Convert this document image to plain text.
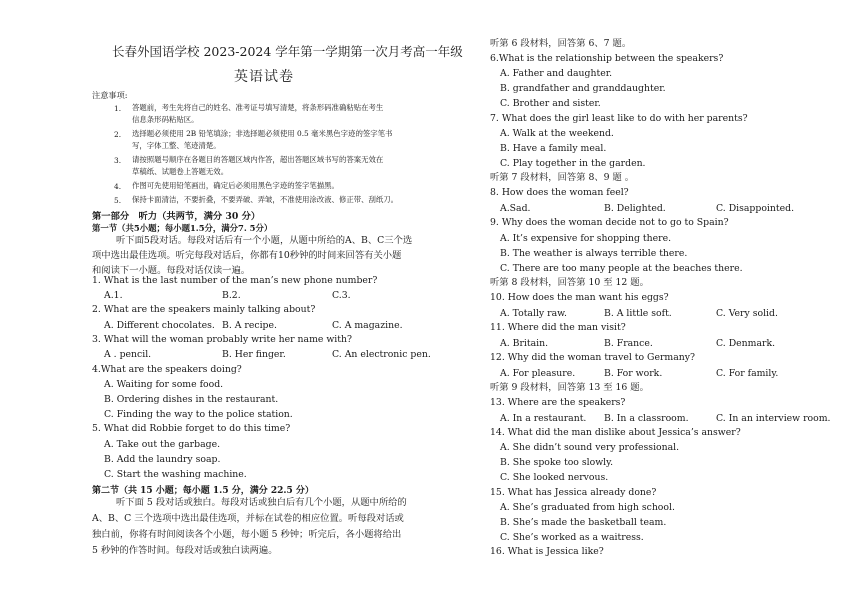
长春外国语学校 2023-2024 学年第一学期第一次月考高一年级
英语试卷
注意事项:
1. 答题前，考生先将自己的姓名、准考证号填写清楚，将条形码准确粘贴在考生
信息条形码粘贴区。
2. 选择题必须使用 2B 铅笔填涂；非选择题必须使用 0.5 毫米黑色字迹的签字笔书
写，字体工整、笔迹清楚。
3. 请按照题号顺序在各题目的答题区域内作答，超出答题区域书写的答案无效在
草稿纸、试题卷上答题无效。
4. 作图可先使用铅笔画出，确定后必须用黑色字迹的签字笔描黑。
5. 保持卡面清洁，不要折叠，不要弄破、弄皱，不准使用涂改液、修正带、刮纸刀。
第一部分　听力（共两节，满分 30 分）
第一节（共5小题；每小题1.5分，满分7. 5分）
听下面5段对话。每段对话后有一个小题，从题中所给的A、B、C三个选
项中选出最佳选项。听完每段对话后，你都有10秒钟的时间来回答有关小题
和阅读下一小题。每段对话仅读一遍。
1. What is the last number of the man’s new phone number?
A.1.	B.2.	C.3.
2. What are the speakers mainly talking about?
A. Different chocolates. B. A recipe.	C. A magazine.
3. What will the woman probably write her name with?
A . pencil.	B. Her finger.	C. An electronic pen.
4.What are the speakers doing?
A. Waiting for some food.
B. Ordering dishes in the restaurant.
C. Finding the way to the police station.
5. What did Robbie forget to do this time?
A. Take out the garbage.
B. Add the laundry soap.
C. Start the washing machine.
第二节（共 15 小题；每小题 1.5 分，满分 22.5 分）
听下面 5 段对话或独白。每段对话或独白后有几个小题，从题中所给的
A、B、C 三个选项中选出最佳选项，并标在试卷的相应位置。听每段对话或
独白前，你将有时间阅读各个小题，每小题 5 秒钟；听完后，各小题将给出
5 秒钟的作答时间。每段对话或独白读两遍。
听第 6 段材料，回答第 6、7 题。
6.What is the relationship between the speakers?
A. Father and daughter.
B. grandfather and granddaughter.
C. Brother and sister.
7. What does the girl least like to do with her parents?
A. Walk at the weekend.
B. Have a family meal.
C. Play together in the garden.
听第 7 段材料，回答第 8、9 题 。
8. How does the woman feel?
A.Sad.	B. Delighted.	C. Disappointed.
9. Why does the woman decide not to go to Spain?
A. It’s expensive for shopping there.
B. The weather is always terrible there.
C. There are too many people at the beaches there.
听第 8 段材料，回答第 10 至 12 题。
10. How does the man want his eggs?
A. Totally raw.	B. A little soft.	C. Very solid.
11. Where did the man visit?
A. Britain.	B. France.	C. Denmark.
12. Why did the woman travel to Germany?
A. For pleasure.	B. For work.	C. For family.
听第 9 段材料，回答第 13 至 16 题。
13. Where are the speakers?
A. In a restaurant. B. In a classroom.	C. In an interview room.
14. What did the man dislike about Jessica’s answer?
A. She didn’t sound very professional.
B. She spoke too slowly.
C. She looked nervous.
15. What has Jessica already done?
A. She’s graduated from high school.
B. She’s made the basketball team.
C. She’s worked as a waitress.
16. What is Jessica like?
